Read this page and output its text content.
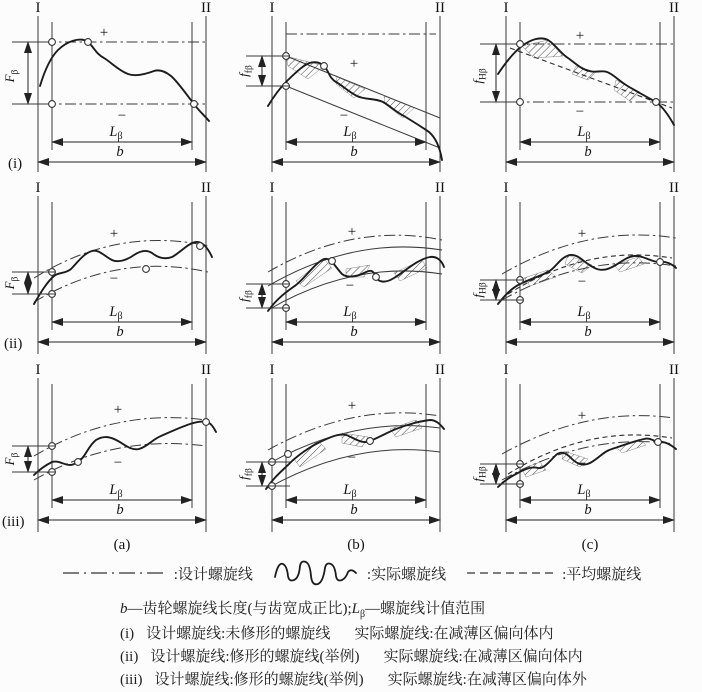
I	II
$F_\beta$
+
−
$L_\beta$
b
(i)
I	II
$f_{f\beta}$	+
−
$L_\beta$
b
I	II
$f_{H\beta}$
+
−
$L_\beta$
b
I	II
$F_\beta$
+
−
$L_\beta$
b
(ii)
I	II
$f_{f\beta}$
+
−
$L_\beta$
b
I	II
$f_{H\beta}$
+
−
$L_\beta$
b
I	II
$F_\beta$
+
−
$L_\beta$
b
(iii)
(a)
I	II
$f_{f\beta}$
+
−
$L_\beta$
b
(b)
I	II
$f_{H\beta}$
+
−
$L_\beta$
b
(c)
:设计螺旋线	:实际螺旋线	:平均螺旋线
b—齿轮螺旋线长度(与齿宽成正比)$;L_\beta—$螺旋线计值范围
(i) 设计螺旋线:未修形的螺旋线 实际螺旋线:在减薄区偏向体内
(ii) 设计螺旋线:修形的螺旋线(举例) 实际螺旋线:在减薄区偏向体内
(iii) 设计螺旋线:修形的螺旋线(举例) 实际螺旋线:在减薄区偏向体外
